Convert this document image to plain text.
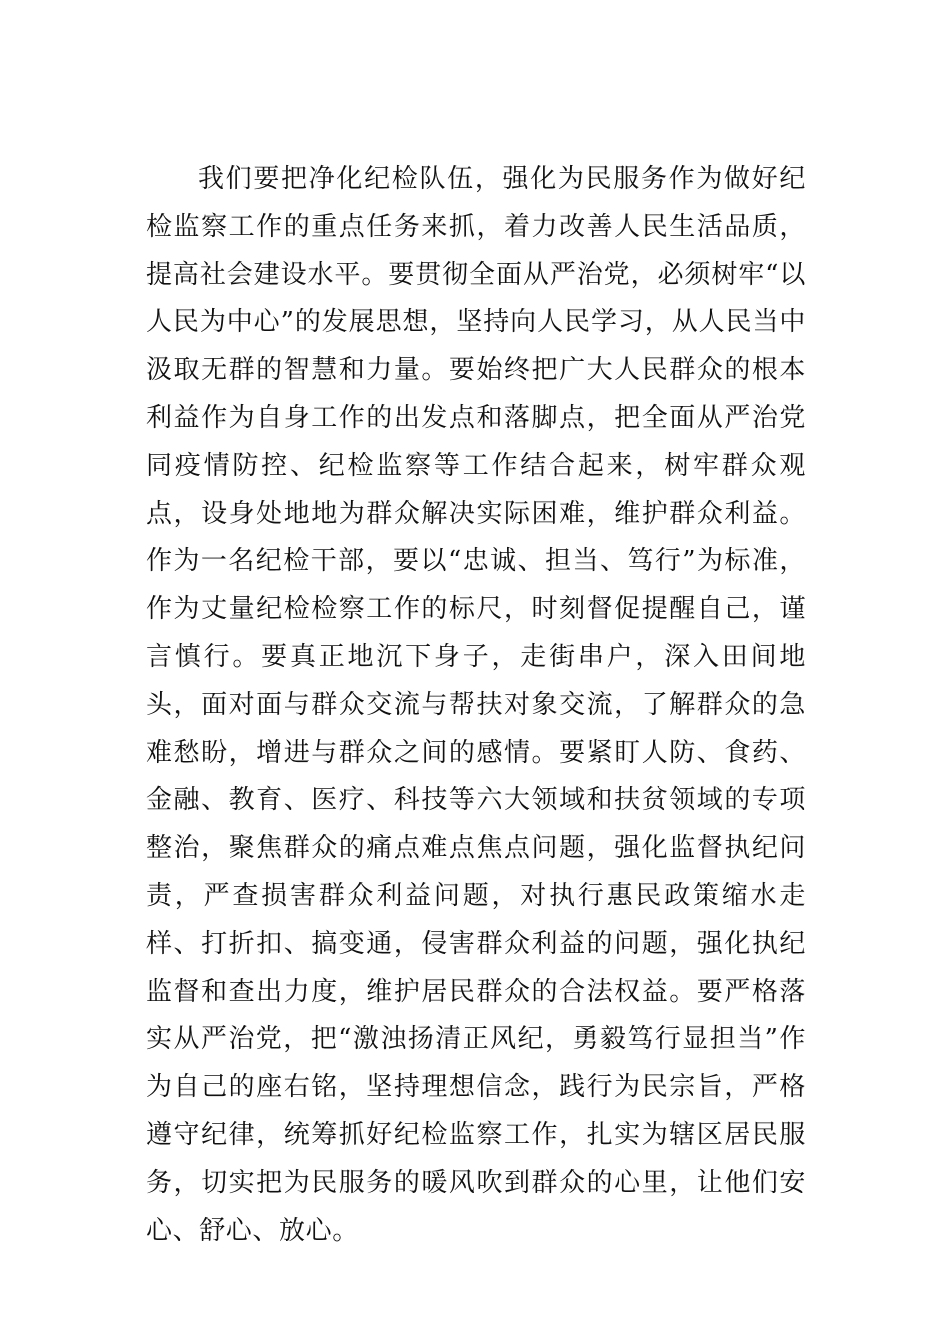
我们要把净化纪检队伍，强化为民服务作为做好纪检监察工作的重点任务来抓，着力改善人民生活品质，提高社会建设水平。要贯彻全面从严治党，必须树牢“以人民为中心”的发展思想，坚持向人民学习，从人民当中汲取无群的智慧和力量。要始终把广大人民群众的根本利益作为自身工作的出发点和落脚点，把全面从严治党同疫情防控、纪检监察等工作结合起来，树牢群众观点，设身处地地为群众解决实际困难，维护群众利益。作为一名纪检干部，要以“忠诚、担当、笃行”为标准，作为丈量纪检检察工作的标尺，时刻督促提醒自己，谨言慎行。要真正地沉下身子，走街串户，深入田间地头，面对面与群众交流与帮扶对象交流，了解群众的急难愁盼，增进与群众之间的感情。要紧盯人防、食药、金融、教育、医疗、科技等六大领域和扶贫领域的专项整治，聚焦群众的痛点难点焦点问题，强化监督执纪问责，严查损害群众利益问题，对执行惠民政策缩水走样、打折扣、搞变通，侵害群众利益的问题，强化执纪监督和查出力度，维护居民群众的合法权益。要严格落实从严治党，把“激浊扬清正风纪，勇毅笃行显担当”作为自己的座右铭，坚持理想信念，践行为民宗旨，严格遵守纪律，统筹抓好纪检监察工作，扎实为辖区居民服务，切实把为民服务的暖风吹到群众的心里，让他们安心、舒心、放心。
